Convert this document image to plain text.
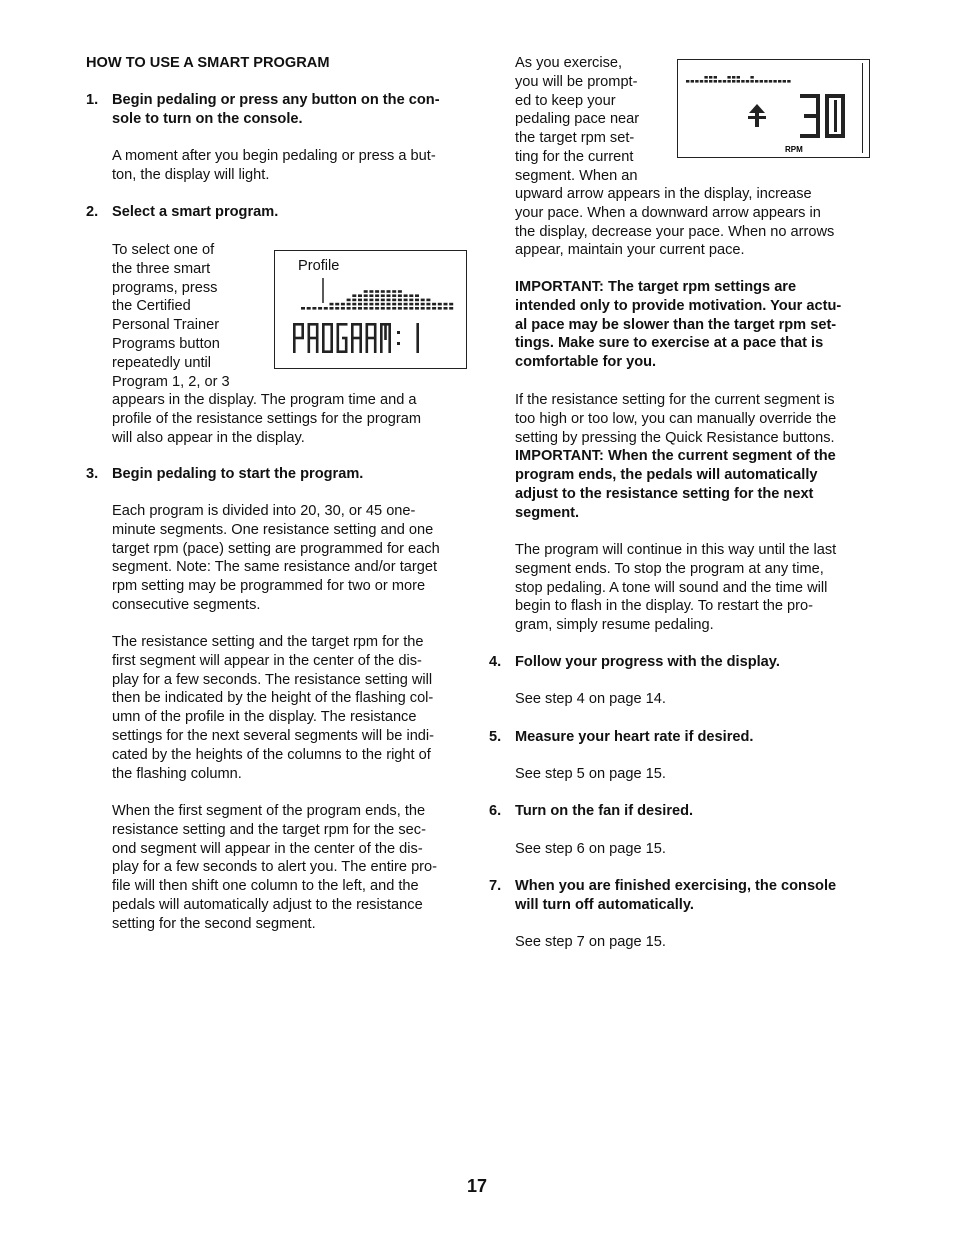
HOW TO USE A SMART PROGRAM
1. Begin pedaling or press any button on the con-
sole to turn on the console.
A moment after you begin pedaling or press a but-
ton, the display will light.
2. Select a smart program.
To select one of
the three smart
programs, press
the Certified
Personal Trainer
Programs button
repeatedly until
Program 1, 2, or 3
appears in the display. The program time and a
profile of the resistance settings for the program
will also appear in the display.
Profile
3. Begin pedaling to start the program.
Each program is divided into 20, 30, or 45 one-
minute segments. One resistance setting and one
target rpm (pace) setting are programmed for each
segment. Note: The same resistance and/or target
rpm setting may be programmed for two or more
consecutive segments.
The resistance setting and the target rpm for the
first segment will appear in the center of the dis-
play for a few seconds. The resistance setting will
then be indicated by the height of the flashing col-
umn of the profile in the display. The resistance
settings for the next several segments will be indi-
cated by the heights of the columns to the right of
the flashing column.
When the first segment of the program ends, the
resistance setting and the target rpm for the sec-
ond segment will appear in the center of the dis-
play for a few seconds to alert you. The entire pro-
file will then shift one column to the left, and the
pedals will automatically adjust to the resistance
setting for the second segment.
As you exercise,
you will be prompt-
ed to keep your
pedaling pace near
the target rpm set-
ting for the current
segment. When an
upward arrow appears in the display, increase
your pace. When a downward arrow appears in
the display, decrease your pace. When no arrows
appear, maintain your current pace.
RPM
IMPORTANT: The target rpm settings are
intended only to provide motivation. Your actu-
al pace may be slower than the target rpm set-
tings. Make sure to exercise at a pace that is
comfortable for you.
If the resistance setting for the current segment is
too high or too low, you can manually override the
setting by pressing the Quick Resistance buttons.
IMPORTANT: When the current segment of the
program ends, the pedals will automatically
adjust to the resistance setting for the next
segment.
The program will continue in this way until the last
segment ends. To stop the program at any time,
stop pedaling. A tone will sound and the time will
begin to flash in the display. To restart the pro-
gram, simply resume pedaling.
4. Follow your progress with the display.
See step 4 on page 14.
5. Measure your heart rate if desired.
See step 5 on page 15.
6. Turn on the fan if desired.
See step 6 on page 15.
7. When you are finished exercising, the console
will turn off automatically.
See step 7 on page 15.
17
